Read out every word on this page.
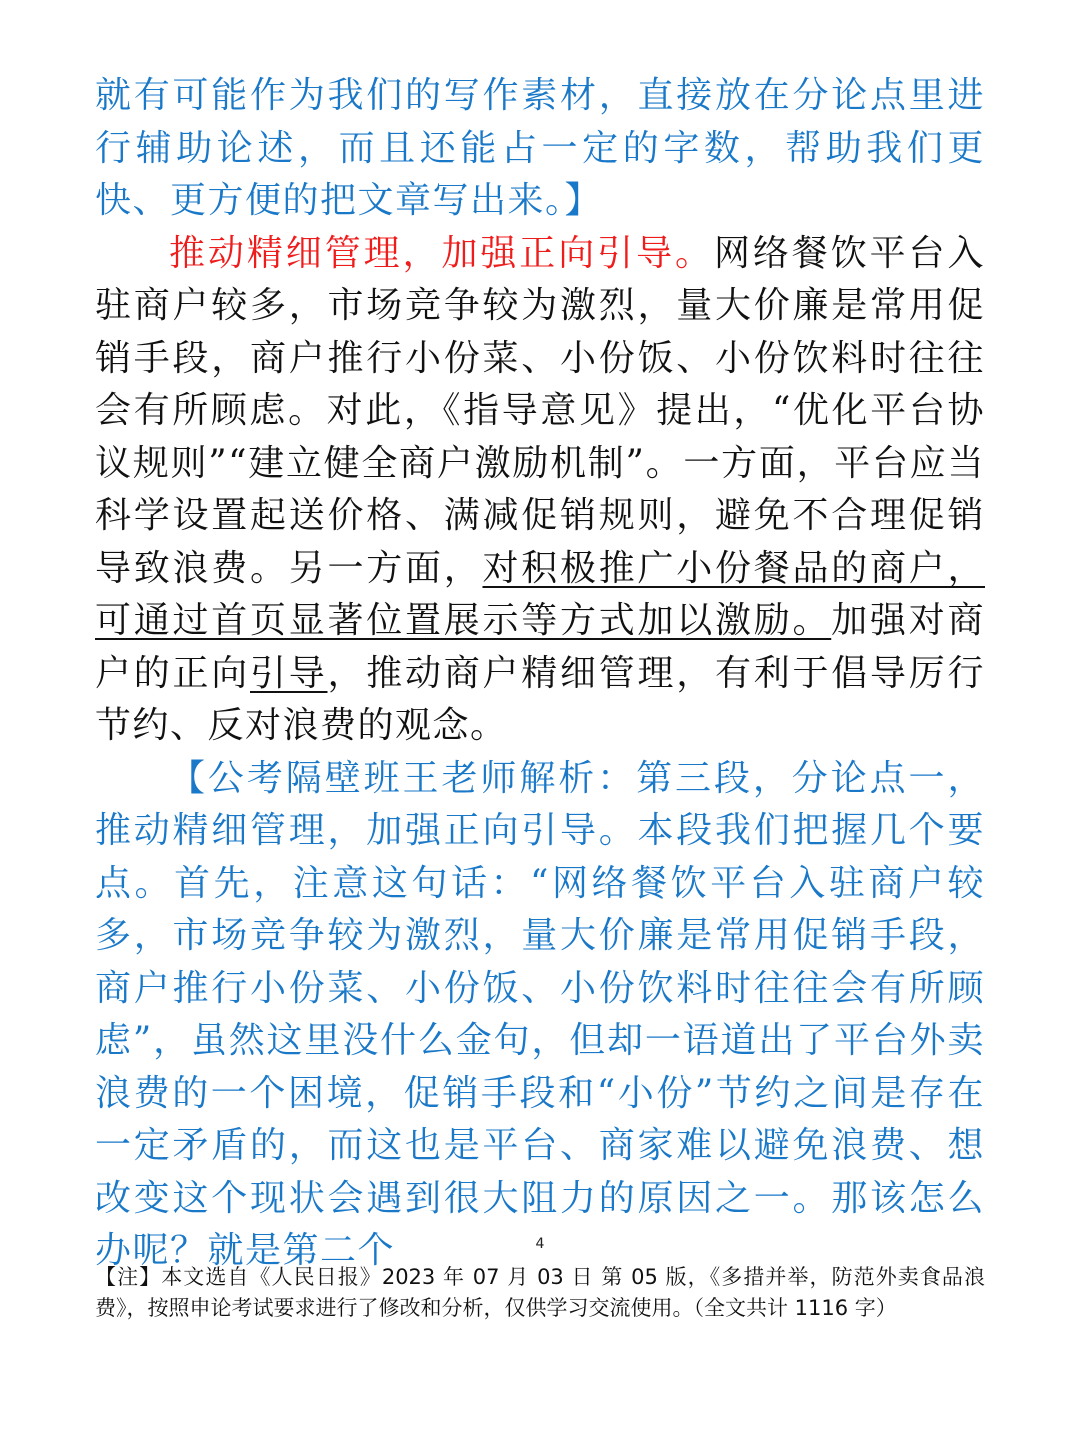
就有可能作为我们的写作素材，直接放在分论点里进行辅助论述，而且还能占一定的字数，帮助我们更快、更方便的把文章写出来。】

推动精细管理，加强正向引导。网络餐饮平台入驻商户较多，市场竞争较为激烈，量大价廉是常用促销手段，商户推行小份菜、小份饭、小份饮料时往往会有所顾虑。对此，《指导意见》提出，“优化平台协议规则”“建立健全商户激励机制”。一方面，平台应当科学设置起送价格、满减促销规则，避免不合理促销导致浪费。另一方面，对积极推广小份餐品的商户，可通过首页显著位置展示等方式加以激励。加强对商户的正向引导，推动商户精细管理，有利于倡导厉行节约、反对浪费的观念。

【公考隔壁班王老师解析：第三段，分论点一，推动精细管理，加强正向引导。本段我们把握几个要点。首先，注意这句话：“网络餐饮平台入驻商户较多，市场竞争较为激烈，量大价廉是常用促销手段，商户推行小份菜、小份饭、小份饮料时往往会有所顾虑”，虽然这里没什么金句，但却一语道出了平台外卖浪费的一个困境，促销手段和“小份”节约之间是存在一定矛盾的，而这也是平台、商家难以避免浪费、想改变这个现状会遇到很大阻力的原因之一。那该怎么办呢？就是第二个	4
【注】本文选自《人民日报》2023 年 07 月 03 日 第 05 版，《多措并举，防范外卖食品浪费》，按照申论考试要求进行了修改和分析，仅供学习交流使用。（全文共计 1116 字）
